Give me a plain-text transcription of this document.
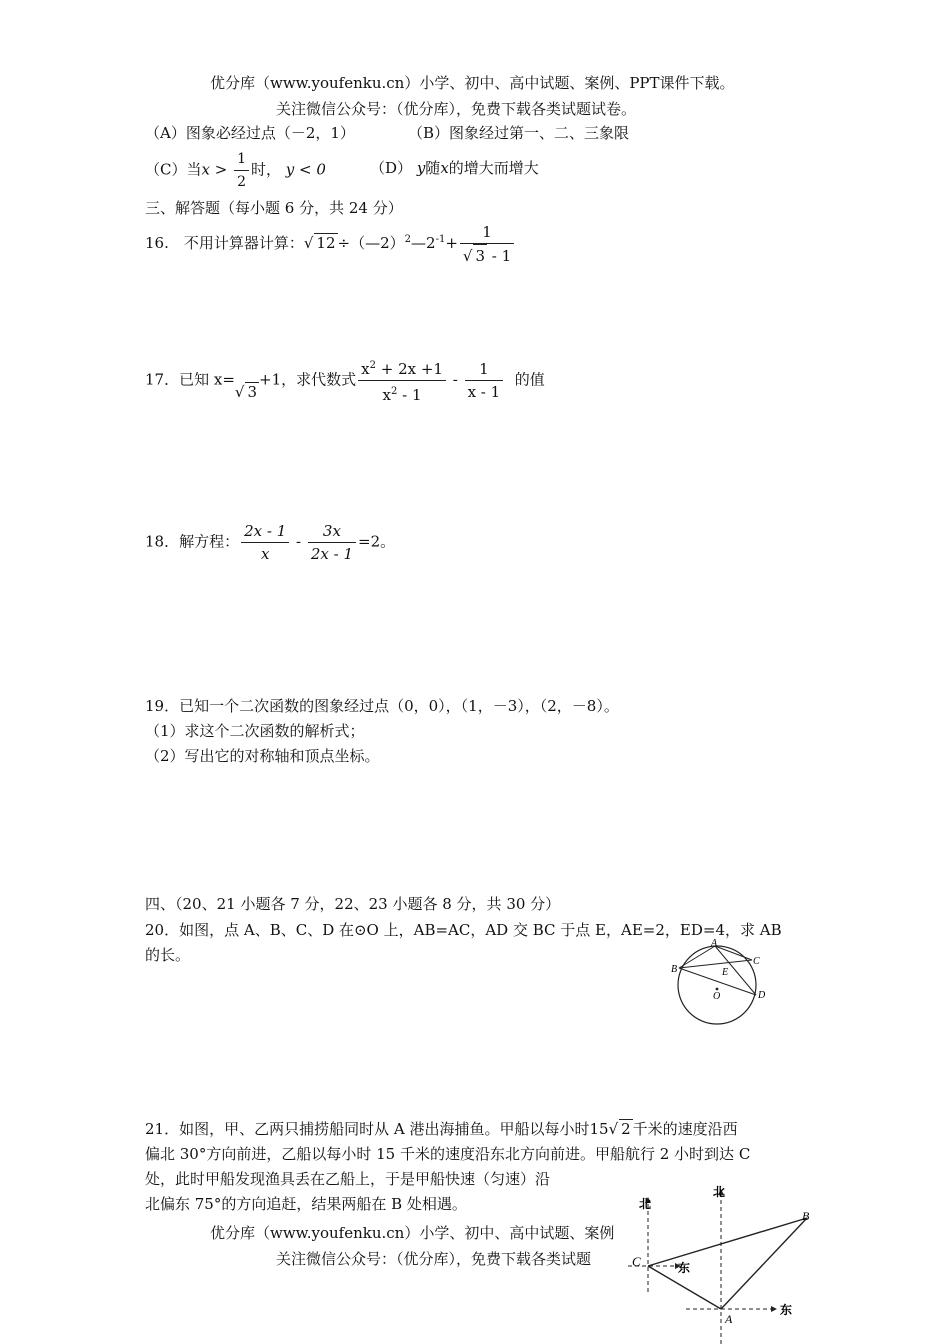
优分库（www.youfenku.cn）小学、初中、高中试题、案例、PPT课件下载。
关注微信公众号：（优分库），免费下载各类试题试卷。
（A）图象必经过点（－2，1）	（B）图象经过第一、二、三象限
（C）当$x > \frac{1}{2}$ 时， y < 0	（D） y随x的增大而增大
三、解答题（每小题 6 分，共 24 分）
16.　不用计算器计算：√ $12 \div(—2)^2—2^{-1}+ \frac{1}{√ 3 - 1}$
17．已知 x=√ 3+1，求代数式 $\frac{x^2 + 2x +1}{x^2 - 1} - \frac{1}{x - 1}$ 的值
18．解方程： $\frac{2x - 1}{x} - \frac{3x}{2x - 1} =2$。
19．已知一个二次函数的图象经过点（0，0），（1，－3），（2，－8）。
（1）求这个二次函数的解析式；
（2）写出它的对称轴和顶点坐标。
四、（20、21 小题各 7 分，22、23 小题各 8 分，共 30 分）
20．如图，点 A、B、C、D 在⊙O 上，AB=AC，AD 交 BC 于点 E，AE=2，ED=4，求 AB
的长。
A
B
C
D
E
O
21．如图，甲、乙两只捕捞船同时从 A 港出海捕鱼。甲船以每小时15√ 2 千米的速度沿西
偏北 30°方向前进，乙船以每小时 15 千米的速度沿东北方向前进。甲船航行 2 小时到达 C
处，此时甲船发现渔具丢在乙船上，于是甲船快速（匀速）沿
北偏东 75°的方向追赶，结果两船在 B 处相遇。	北
北
东
东
C
B
A
优分库（www.youfenku.cn）小学、初中、高中试题、案例
关注微信公众号：（优分库），免费下载各类试题
